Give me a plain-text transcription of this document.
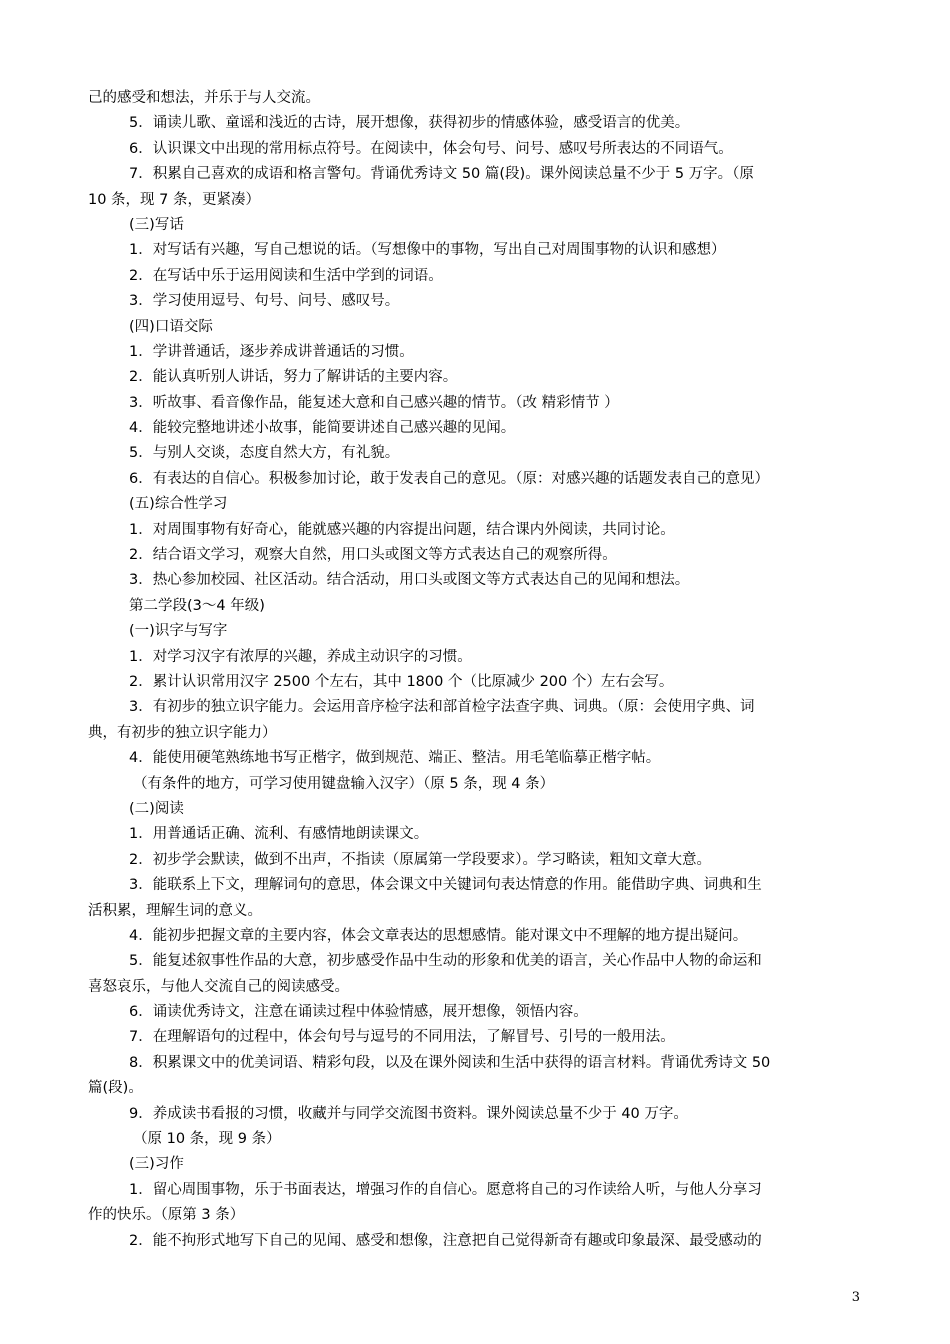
己的感受和想法，并乐于与人交流。
5．诵读儿歌、童谣和浅近的古诗，展开想像，获得初步的情感体验，感受语言的优美。
6．认识课文中出现的常用标点符号。在阅读中，体会句号、问号、感叹号所表达的不同语气。
7．积累自己喜欢的成语和格言警句。背诵优秀诗文 50 篇(段)。课外阅读总量不少于 5 万字。（原
10 条，现 7 条，更紧凑）
(三)写话
1．对写话有兴趣，写自己想说的话。（写想像中的事物，写出自己对周围事物的认识和感想）
2．在写话中乐于运用阅读和生活中学到的词语。
3．学习使用逗号、句号、问号、感叹号。
(四)口语交际
1．学讲普通话，逐步养成讲普通话的习惯。
2．能认真听别人讲话，努力了解讲话的主要内容。
3．听故事、看音像作品，能复述大意和自己感兴趣的情节。（改 精彩情节 ）
4．能较完整地讲述小故事，能简要讲述自己感兴趣的见闻。
5．与别人交谈，态度自然大方，有礼貌。
6．有表达的自信心。积极参加讨论，敢于发表自己的意见。（原：对感兴趣的话题发表自己的意见）
(五)综合性学习
1．对周围事物有好奇心，能就感兴趣的内容提出问题，结合课内外阅读，共同讨论。
2．结合语文学习，观察大自然，用口头或图文等方式表达自己的观察所得。
3．热心参加校园、社区活动。结合活动，用口头或图文等方式表达自己的见闻和想法。
第二学段(3～4 年级)
(一)识字与写字
1．对学习汉字有浓厚的兴趣，养成主动识字的习惯。
2．累计认识常用汉字 2500 个左右，其中 1800 个（比原减少 200 个）左右会写。
3．有初步的独立识字能力。会运用音序检字法和部首检字法查字典、词典。（原：会使用字典、词
典，有初步的独立识字能力）
4．能使用硬笔熟练地书写正楷字，做到规范、端正、整洁。用毛笔临摹正楷字帖。
（有条件的地方，可学习使用键盘输入汉字）（原 5 条，现 4 条）
(二)阅读
1．用普通话正确、流利、有感情地朗读课文。
2．初步学会默读，做到不出声，不指读（原属第一学段要求）。学习略读，粗知文章大意。
3．能联系上下文，理解词句的意思，体会课文中关键词句表达情意的作用。能借助字典、词典和生
活积累，理解生词的意义。
4．能初步把握文章的主要内容，体会文章表达的思想感情。能对课文中不理解的地方提出疑问。
5．能复述叙事性作品的大意，初步感受作品中生动的形象和优美的语言，关心作品中人物的命运和
喜怒哀乐，与他人交流自己的阅读感受。
6．诵读优秀诗文，注意在诵读过程中体验情感，展开想像，领悟内容。
7．在理解语句的过程中，体会句号与逗号的不同用法，了解冒号、引号的一般用法。
8．积累课文中的优美词语、精彩句段，以及在课外阅读和生活中获得的语言材料。背诵优秀诗文 50
篇(段)。
9．养成读书看报的习惯，收藏并与同学交流图书资料。课外阅读总量不少于 40 万字。
（原 10 条，现 9 条）
(三)习作
1．留心周围事物，乐于书面表达，增强习作的自信心。愿意将自己的习作读给人听，与他人分享习
作的快乐。（原第 3 条）
2．能不拘形式地写下自己的见闻、感受和想像，注意把自己觉得新奇有趣或印象最深、最受感动的
3
